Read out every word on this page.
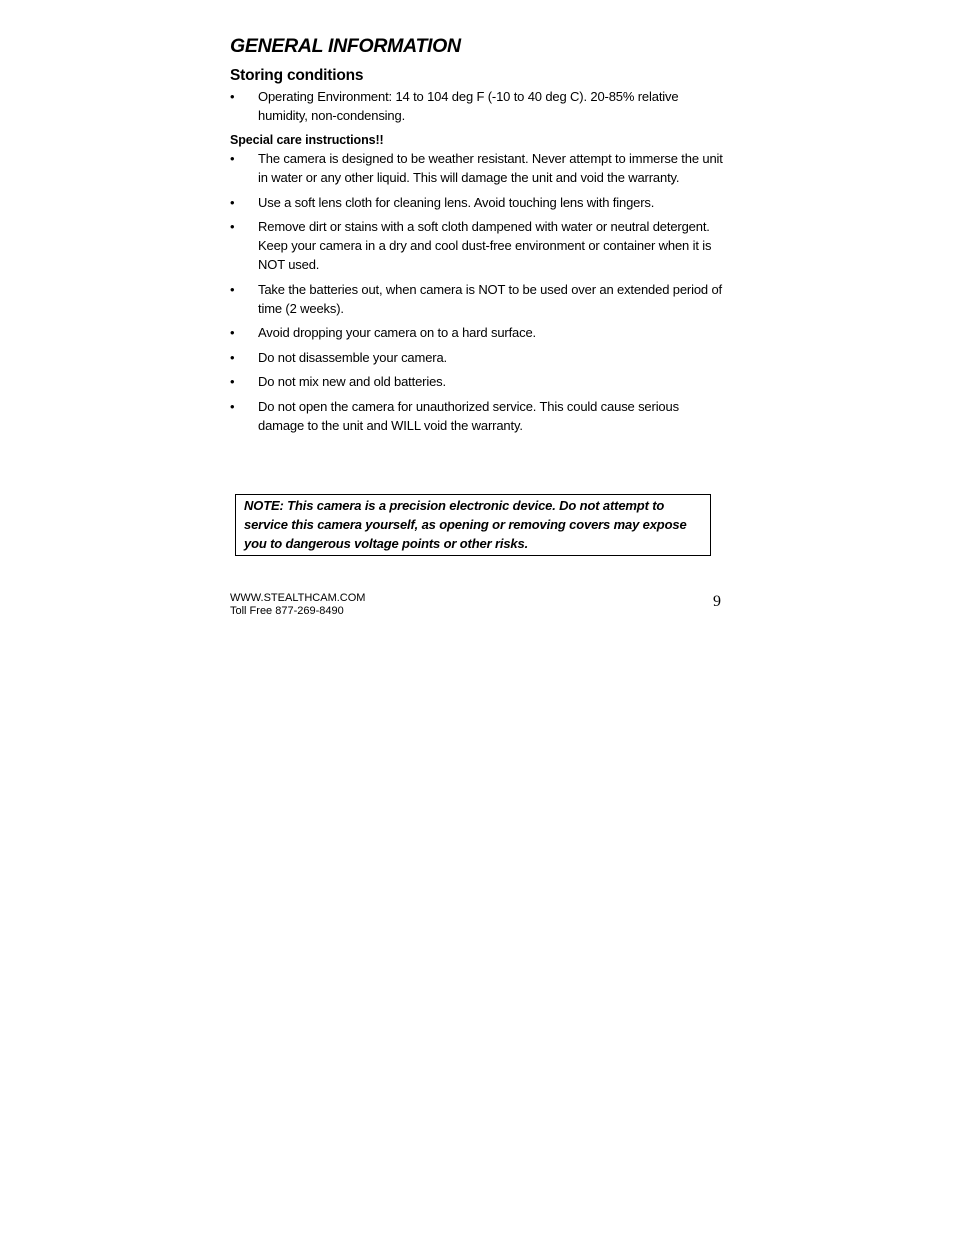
GENERAL INFORMATION
Storing conditions
•	Operating Environment: 14 to 104 deg F (-10 to 40 deg C). 20-85% relative humidity, non-condensing.
Special care instructions!!
•	The camera is designed to be weather resistant. Never attempt to immerse the unit in water or any other liquid. This will damage the unit and void the warranty.
•	Use a soft lens cloth for cleaning lens. Avoid touching lens with fingers.
•	Remove dirt or stains with a soft cloth dampened with water or neutral detergent. Keep your camera in a dry and cool dust-free environment or container when it is NOT used.
•	Take the batteries out, when camera is NOT to be used over an extended period of time (2 weeks).
•	Avoid dropping your camera on to a hard surface.
•	Do not disassemble your camera.
•	Do not mix new and old batteries.
•	Do not open the camera for unauthorized service. This could cause serious damage to the unit and WILL void the warranty.
NOTE: This camera is a precision electronic device. Do not attempt to service this camera yourself, as opening or removing covers may expose you to dangerous voltage points or other risks.
WWW.STEALTHCAM.COM
Toll Free 877-269-8490
9
